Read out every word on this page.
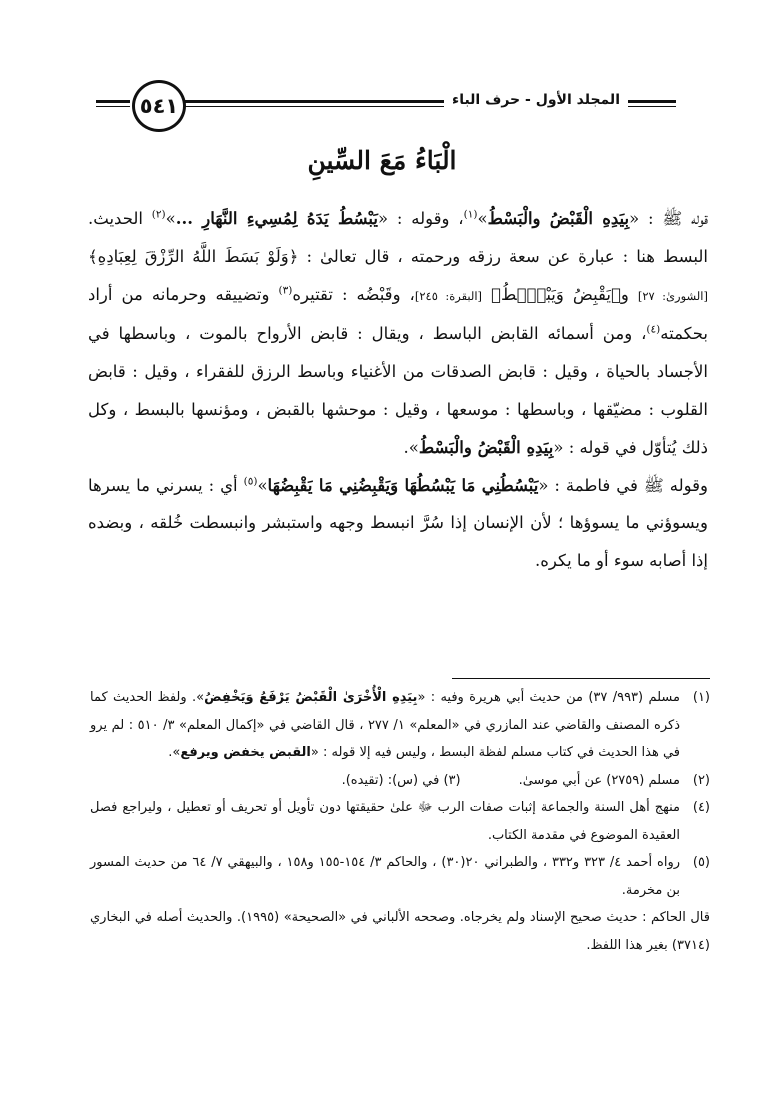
٥٤١	المجلد الأول - حرف الباء
الْبَاءُ مَعَ السِّينِ

قوله ﷺ : «بِيَدِهِ الْقَبْضُ والْبَسْطُ»$^{(١)}$، وقوله : «يَبْسُطُ يَدَهُ لِمُسِيءِ النَّهَارِ ...»$^{(٢)}$ الحديث. البسط هنا : عبارة عن سعة رزقه ورحمته ، قال تعالىٰ : ﴿وَلَوْ بَسَطَ اللَّهُ الرِّزْقَ لِعِبَادِهِ﴾ [الشورىٰ: ٢٧] و﴿يَقْبِضُ وَيَبْصُۜطُ﴾ [البقرة: ٢٤٥]، وقَبْضُه : تقتيره$^{(٣)}$ وتضييقه وحرمانه من أراد بحكمته$^{(٤)}$، ومن أسمائه القابض الباسط ، ويقال : قابض الأرواح بالموت ، وباسطها في الأجساد بالحياة ، وقيل : قابض الصدقات من الأغنياء وباسط الرزق للفقراء ، وقيل : قابض القلوب : مضيّقها ، وباسطها : موسعها ، وقيل : موحشها بالقبض ، ومؤنسها بالبسط ، وكل ذلك يُتأوّل في قوله : «بِيَدِهِ الْقَبْضُ والْبَسْطُ».

وقوله ﷺ في فاطمة : «يَبْسُطُنِي مَا يَبْسُطُهَا وَيَقْبِضُنِي مَا يَقْبِضُهَا»$^{(٥)}$ أي : يسرني ما يسرها ويسوؤني ما يسوؤها ؛ لأن الإنسان إذا سُرَّ انبسط وجهه واستبشر وانبسطت خُلقه ، وبضده إذا أصابه سوء أو ما يكره.

(١)
مسلم (٩٩٣/ ٣٧) من حديث أبي هريرة وفيه : «بِيَدِهِ الْأُخْرَىٰ الْقَبْضُ يَرْفَعُ وَيَخْفِضُ». ولفظ الحديث كما ذكره المصنف والقاضي عند المازري في «المعلم» ١/ ٢٧٧ ، قال القاضي في «إكمال المعلم» ٣/ ٥١٠ : لم يرو في هذا الحديث في كتاب مسلم لفظة البسط ، وليس فيه إلا قوله : «القبض يخفض ويرفع».
(٢)
مسلم (٢٧٥٩) عن أبي موسىٰ.(٣) في (س): (تقيده).
(٤)
منهج أهل السنة والجماعة إثبات صفات الرب ﷻ علىٰ حقيقتها دون تأويل أو تحريف أو تعطيل ، وليراجع فصل العقيدة الموضوع في مقدمة الكتاب.
(٥)
رواه أحمد ٤/ ٣٢٣ و٣٣٢ ، والطبراني ٢٠(٣٠) ، والحاكم ٣/ ١٥٤-١٥٥ و١٥٨ ، والبيهقي ٧/ ٦٤ من حديث المسور بن مخرمة.

قال الحاكم : حديث صحيح الإسناد ولم يخرجاه. وصححه الألباني في «الصحيحة» (١٩٩٥). والحديث أصله في البخاري (٣٧١٤) بغير هذا اللفظ.
